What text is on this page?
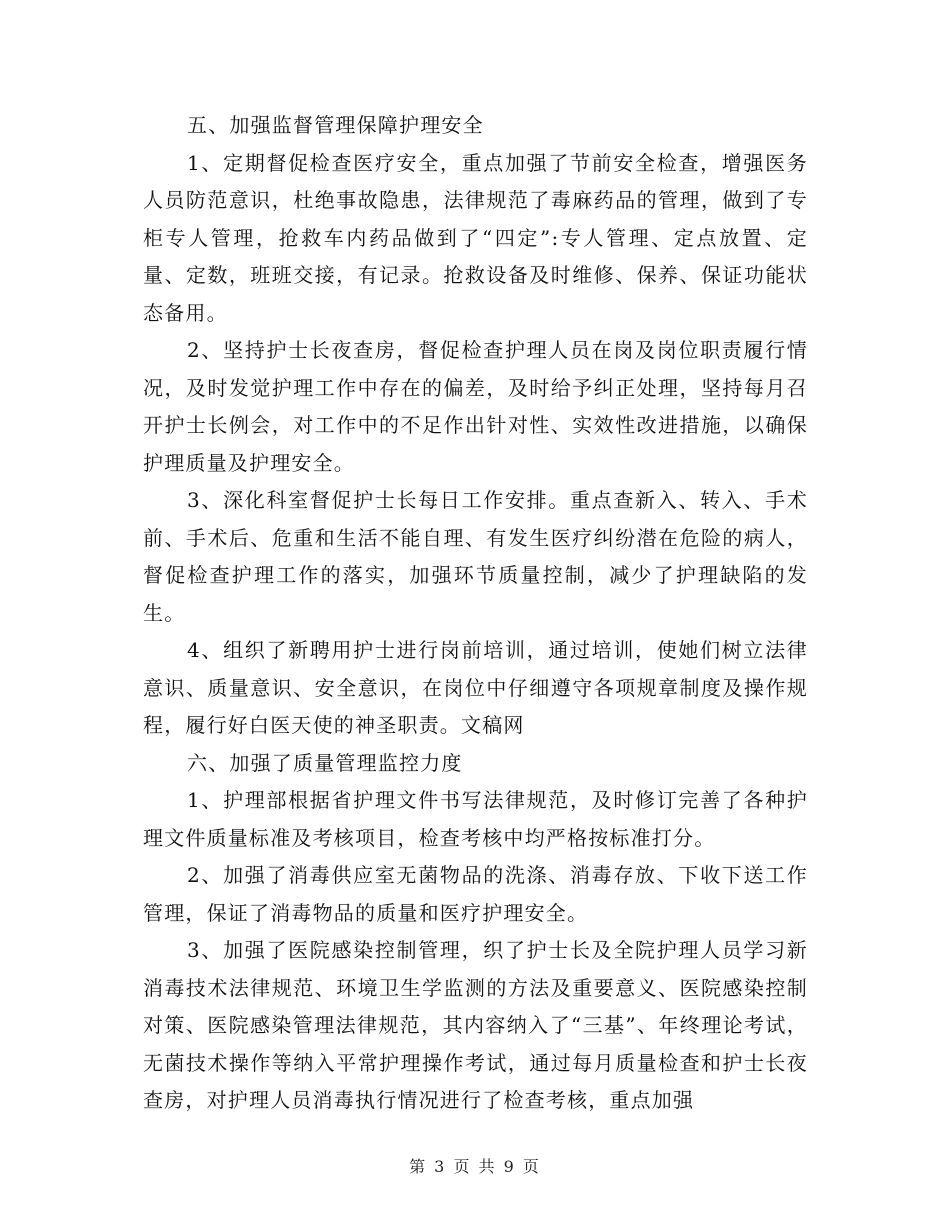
五、加强监督管理保障护理安全

1、定期督促检查医疗安全，重点加强了节前安全检查，增强医务人员防范意识，杜绝事故隐患，法律规范了毒麻药品的管理，做到了专柜专人管理，抢救车内药品做到了“四定”:专人管理、定点放置、定量、定数，班班交接，有记录。抢救设备及时维修、保养、保证功能状态备用。

2、坚持护士长夜查房，督促检查护理人员在岗及岗位职责履行情况，及时发觉护理工作中存在的偏差，及时给予纠正处理，坚持每月召开护士长例会，对工作中的不足作出针对性、实效性改进措施，以确保护理质量及护理安全。

3、深化科室督促护士长每日工作安排。重点查新入、转入、手术前、手术后、危重和生活不能自理、有发生医疗纠纷潜在危险的病人，督促检查护理工作的落实，加强环节质量控制，减少了护理缺陷的发生。

4、组织了新聘用护士进行岗前培训，通过培训，使她们树立法律意识、质量意识、安全意识，在岗位中仔细遵守各项规章制度及操作规程，履行好白医天使的神圣职责。文稿网

六、加强了质量管理监控力度

1、护理部根据省护理文件书写法律规范，及时修订完善了各种护理文件质量标准及考核项目，检查考核中均严格按标准打分。

2、加强了消毒供应室无菌物品的洗涤、消毒存放、下收下送工作管理，保证了消毒物品的质量和医疗护理安全。

3、加强了医院感染控制管理，织了护士长及全院护理人员学习新消毒技术法律规范、环境卫生学监测的方法及重要意义、医院感染控制对策、医院感染管理法律规范，其内容纳入了“三基”、年终理论考试，无菌技术操作等纳入平常护理操作考试，通过每月质量检查和护士长夜查房，对护理人员消毒执行情况进行了检查考核，重点加强

第 3 页 共 9 页
